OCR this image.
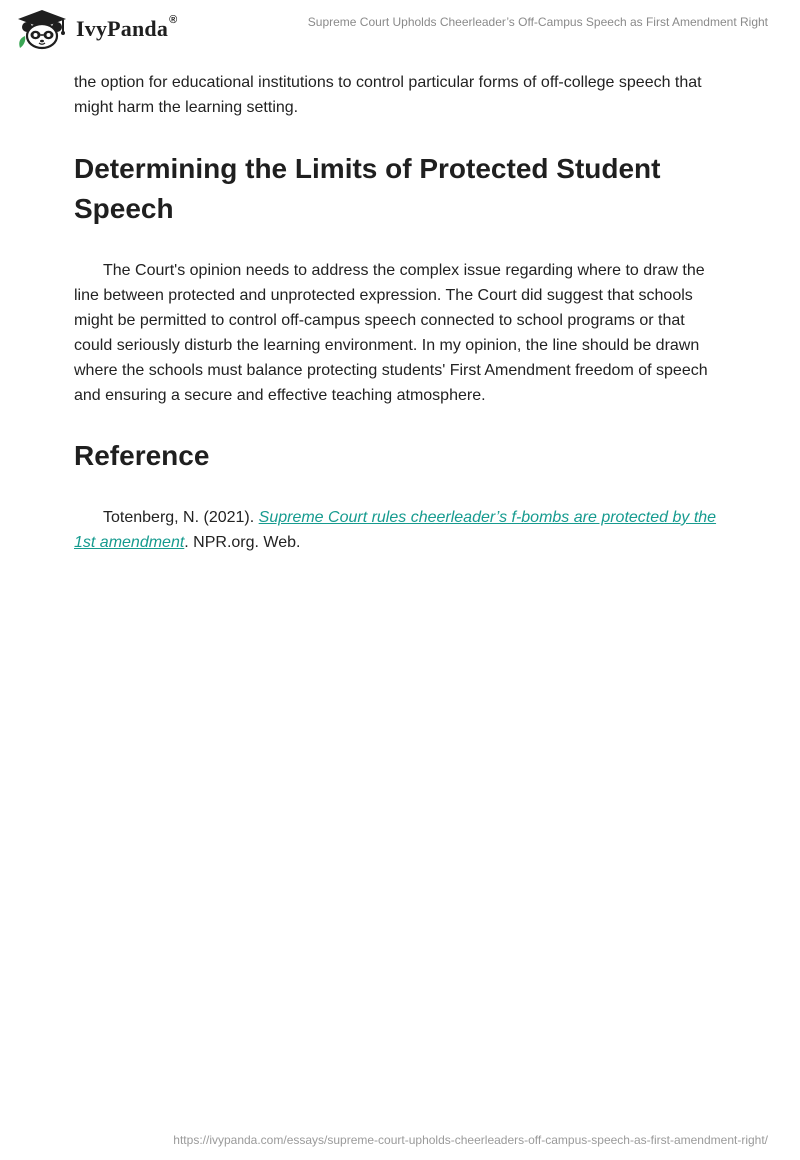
IvyPanda®	Supreme Court Upholds Cheerleader’s Off-Campus Speech as First Amendment Right

the option for educational institutions to control particular forms of off-college speech that might harm the learning setting.

Determining the Limits of Protected Student Speech

The Court's opinion needs to address the complex issue regarding where to draw the line between protected and unprotected expression. The Court did suggest that schools might be permitted to control off-campus speech connected to school programs or that could seriously disturb the learning environment. In my opinion, the line should be drawn where the schools must balance protecting students' First Amendment freedom of speech and ensuring a secure and effective teaching atmosphere.

Reference

Totenberg, N. (2021). Supreme Court rules cheerleader’s f-bombs are protected by the 1st amendment. NPR.org. Web.

https://ivypanda.com/essays/supreme-court-upholds-cheerleaders-off-campus-speech-as-first-amendment-right/
